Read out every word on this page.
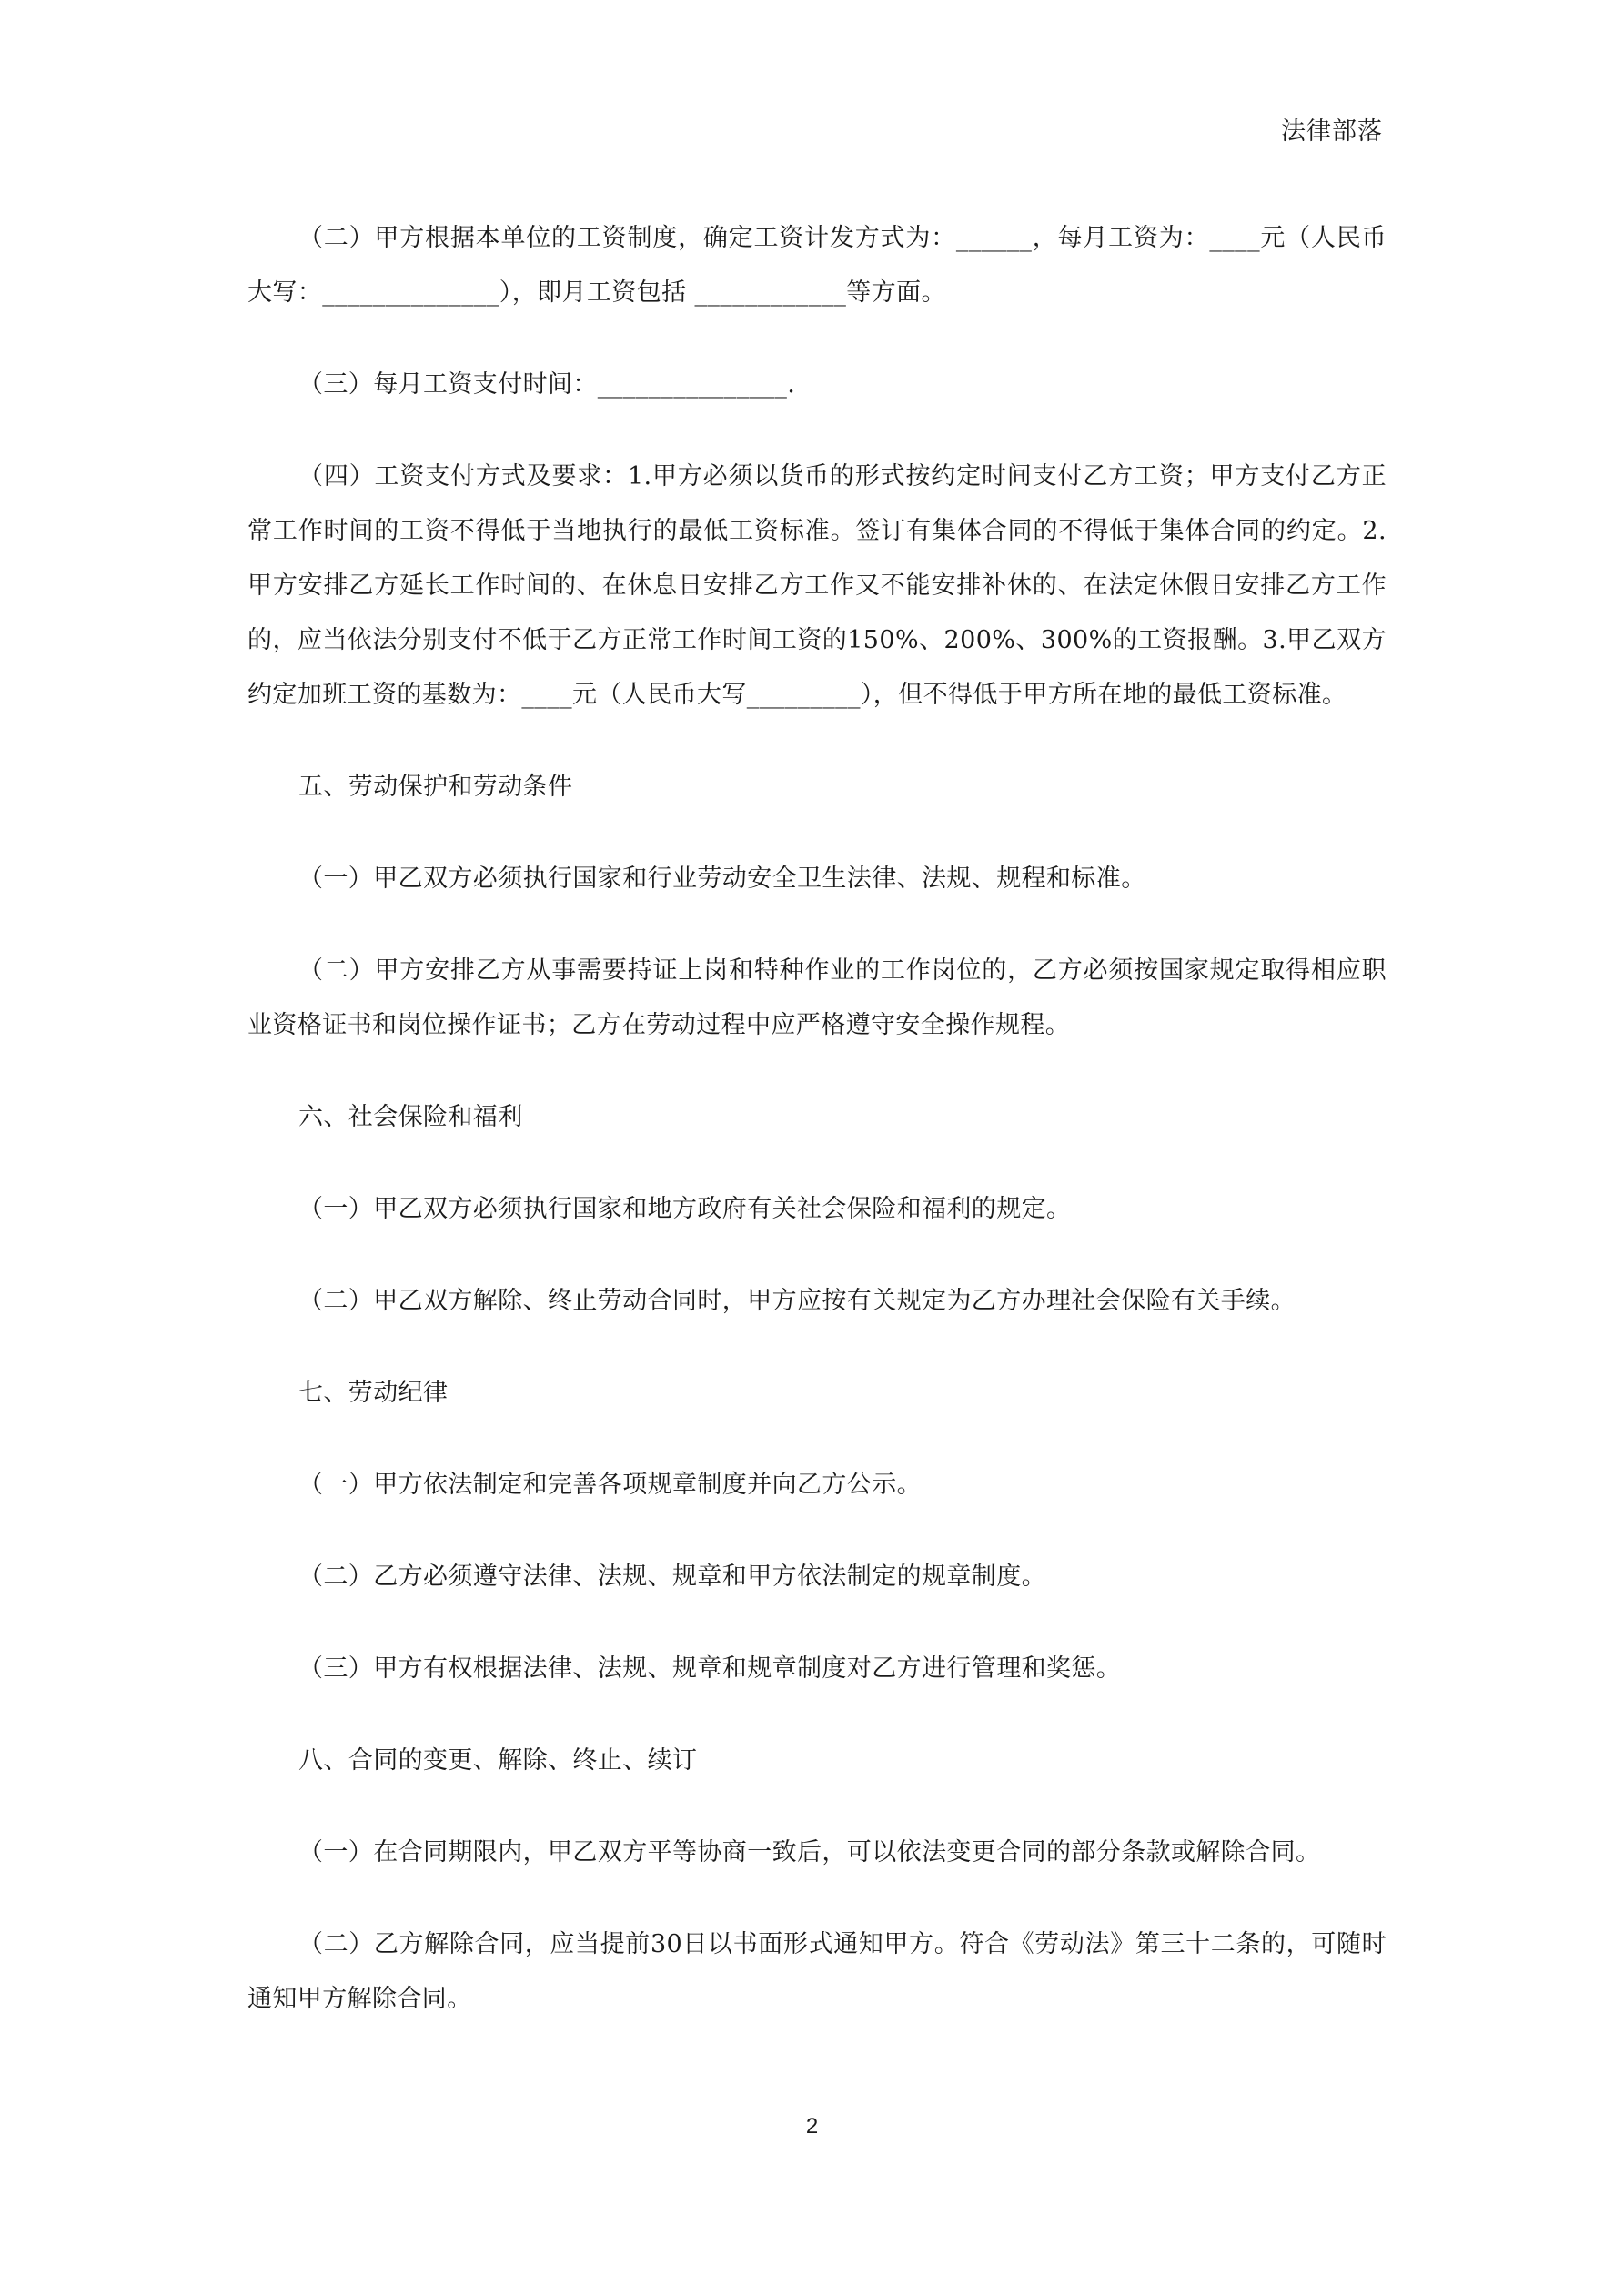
法律部落

（二）甲方根据本单位的工资制度，确定工资计发方式为：______，每月工资为：____元（人民币大写：______________），即月工资包括 ____________等方面。

（三）每月工资支付时间：_______________.

（四）工资支付方式及要求：1.甲方必须以货币的形式按约定时间支付乙方工资；甲方支付乙方正常工作时间的工资不得低于当地执行的最低工资标准。签订有集体合同的不得低于集体合同的约定。2.甲方安排乙方延长工作时间的、在休息日安排乙方工作又不能安排补休的、在法定休假日安排乙方工作的，应当依法分别支付不低于乙方正常工作时间工资的150%、200%、300%的工资报酬。3.甲乙双方约定加班工资的基数为：____元（人民币大写_________），但不得低于甲方所在地的最低工资标准。

五、劳动保护和劳动条件

（一）甲乙双方必须执行国家和行业劳动安全卫生法律、法规、规程和标准。

（二）甲方安排乙方从事需要持证上岗和特种作业的工作岗位的，乙方必须按国家规定取得相应职业资格证书和岗位操作证书；乙方在劳动过程中应严格遵守安全操作规程。

六、社会保险和福利

（一）甲乙双方必须执行国家和地方政府有关社会保险和福利的规定。

（二）甲乙双方解除、终止劳动合同时，甲方应按有关规定为乙方办理社会保险有关手续。

七、劳动纪律

（一）甲方依法制定和完善各项规章制度并向乙方公示。

（二）乙方必须遵守法律、法规、规章和甲方依法制定的规章制度。

（三）甲方有权根据法律、法规、规章和规章制度对乙方进行管理和奖惩。

八、合同的变更、解除、终止、续订

（一）在合同期限内，甲乙双方平等协商一致后，可以依法变更合同的部分条款或解除合同。

（二）乙方解除合同，应当提前30日以书面形式通知甲方。符合《劳动法》第三十二条的，可随时通知甲方解除合同。

2
